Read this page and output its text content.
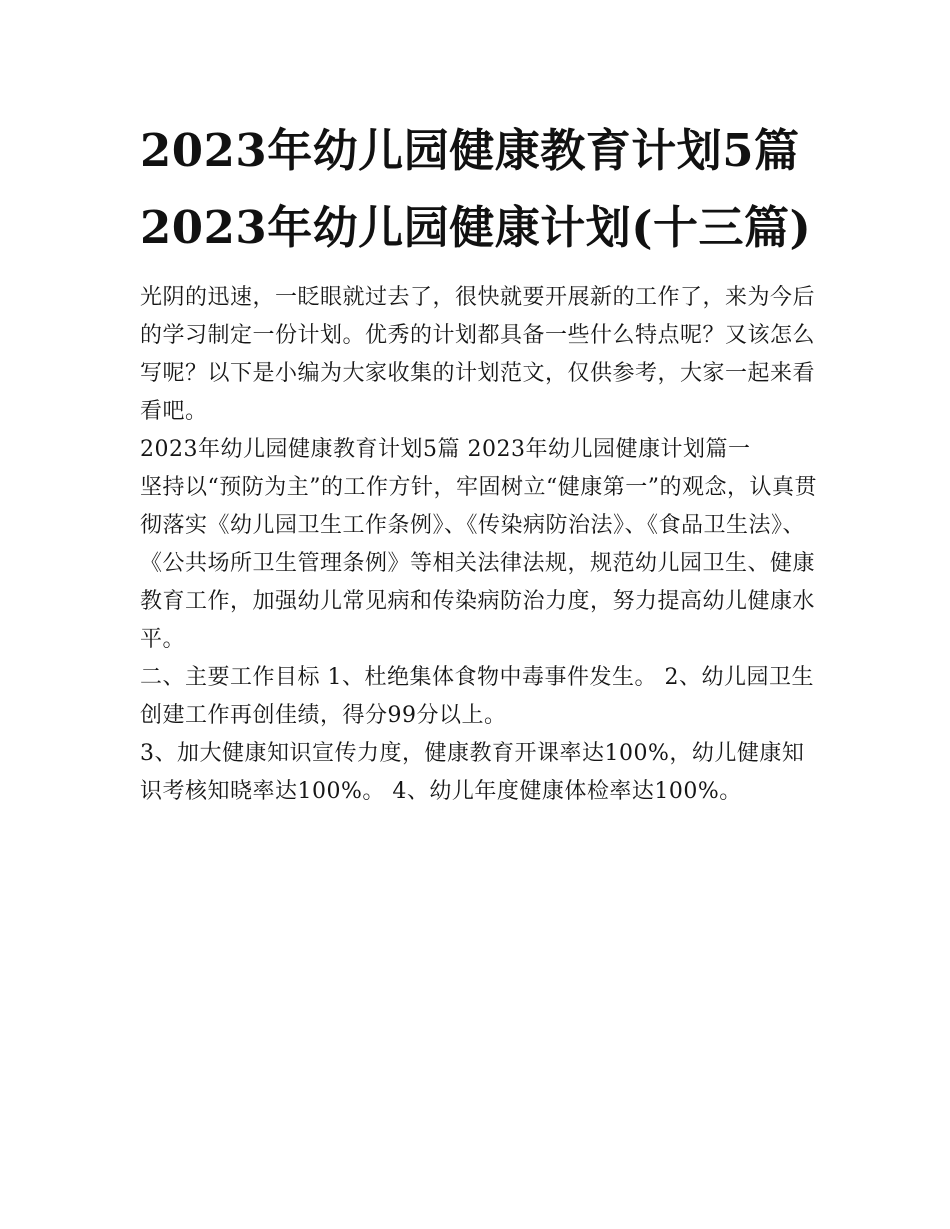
2023年幼儿园健康教育计划5篇 2023年幼儿园健康计划(十三篇)

光阴的迅速，一眨眼就过去了，很快就要开展新的工作了，来为今后的学习制定一份计划。优秀的计划都具备一些什么特点呢？又该怎么写呢？以下是小编为大家收集的计划范文，仅供参考，大家一起来看看吧。

2023年幼儿园健康教育计划5篇 2023年幼儿园健康计划篇一

坚持以“预防为主”的工作方针，牢固树立“健康第一”的观念，认真贯彻落实《幼儿园卫生工作条例》、《传染病防治法》、《食品卫生法》、《公共场所卫生管理条例》等相关法律法规，规范幼儿园卫生、健康教育工作，加强幼儿常见病和传染病防治力度，努力提高幼儿健康水平。

二、主要工作目标 1、杜绝集体食物中毒事件发生。 2、幼儿园卫生创建工作再创佳绩，得分99分以上。

3、加大健康知识宣传力度，健康教育开课率达100%，幼儿健康知识考核知晓率达100%。 4、幼儿年度健康体检率达100%。
